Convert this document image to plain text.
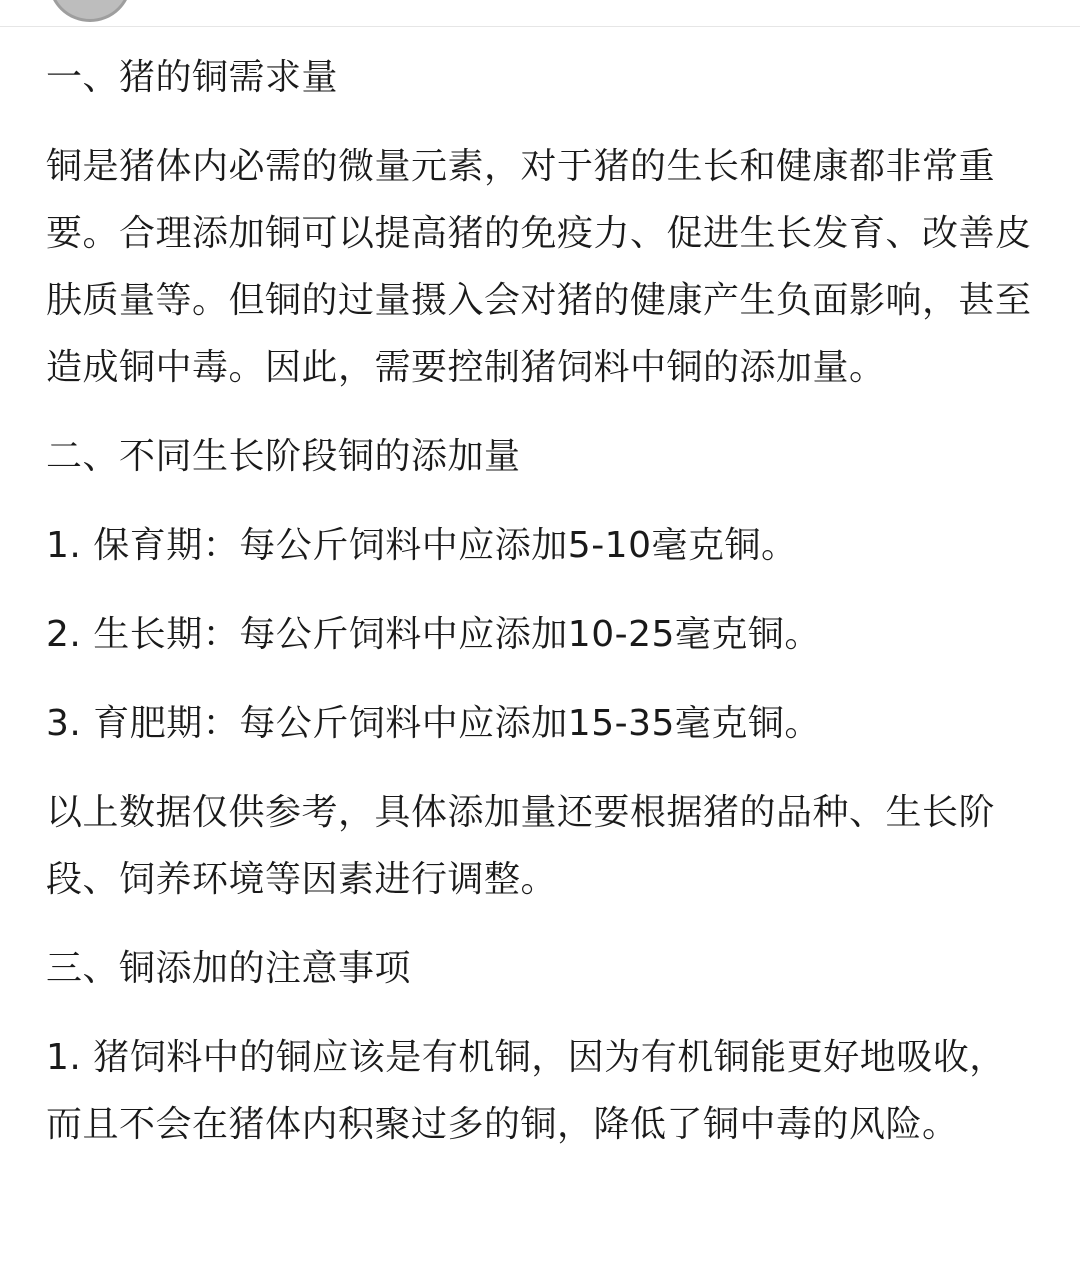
一、猪的铜需求量

铜是猪体内必需的微量元素，对于猪的生长和健康都非常重要。合理添加铜可以提高猪的免疫力、促进生长发育、改善皮肤质量等。但铜的过量摄入会对猪的健康产生负面影响，甚至造成铜中毒。因此，需要控制猪饲料中铜的添加量。

二、不同生长阶段铜的添加量

1. 保育期：每公斤饲料中应添加5-10毫克铜。

2. 生长期：每公斤饲料中应添加10-25毫克铜。

3. 育肥期：每公斤饲料中应添加15-35毫克铜。

以上数据仅供参考，具体添加量还要根据猪的品种、生长阶段、饲养环境等因素进行调整。

三、铜添加的注意事项

1. 猪饲料中的铜应该是有机铜，因为有机铜能更好地吸收，而且不会在猪体内积聚过多的铜，降低了铜中毒的风险。
